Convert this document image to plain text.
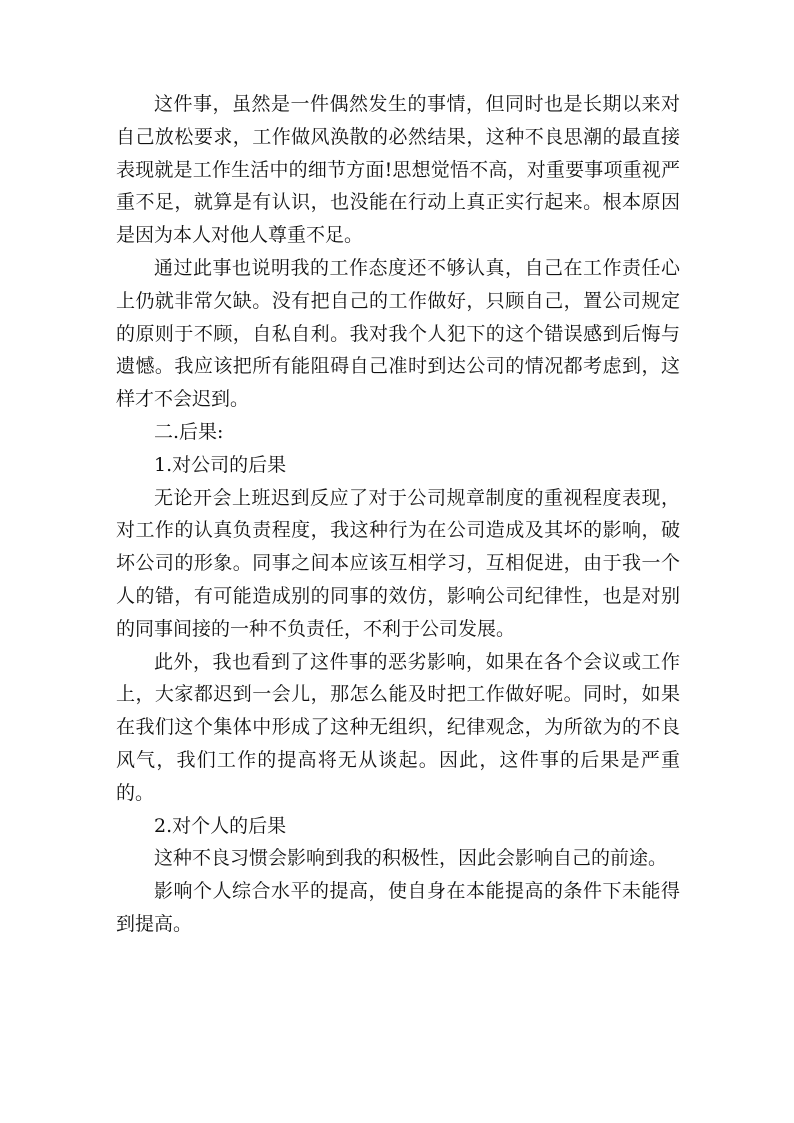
这件事，虽然是一件偶然发生的事情，但同时也是长期以来对自己放松要求，工作做风涣散的必然结果，这种不良思潮的最直接表现就是工作生活中的细节方面!思想觉悟不高，对重要事项重视严重不足，就算是有认识，也没能在行动上真正实行起来。根本原因是因为本人对他人尊重不足。

通过此事也说明我的工作态度还不够认真，自己在工作责任心上仍就非常欠缺。没有把自己的工作做好，只顾自己，置公司规定的原则于不顾，自私自利。我对我个人犯下的这个错误感到后悔与遗憾。我应该把所有能阻碍自己准时到达公司的情况都考虑到，这样才不会迟到。

二.后果:

1.对公司的后果

无论开会上班迟到反应了对于公司规章制度的重视程度表现，对工作的认真负责程度，我这种行为在公司造成及其坏的影响，破坏公司的形象。同事之间本应该互相学习，互相促进，由于我一个人的错，有可能造成别的同事的效仿，影响公司纪律性，也是对别的同事间接的一种不负责任，不利于公司发展。

此外，我也看到了这件事的恶劣影响，如果在各个会议或工作上，大家都迟到一会儿，那怎么能及时把工作做好呢。同时，如果在我们这个集体中形成了这种无组织，纪律观念，为所欲为的不良风气，我们工作的提高将无从谈起。因此，这件事的后果是严重的。

2.对个人的后果

这种不良习惯会影响到我的积极性，因此会影响自己的前途。

影响个人综合水平的提高，使自身在本能提高的条件下未能得到提高。
